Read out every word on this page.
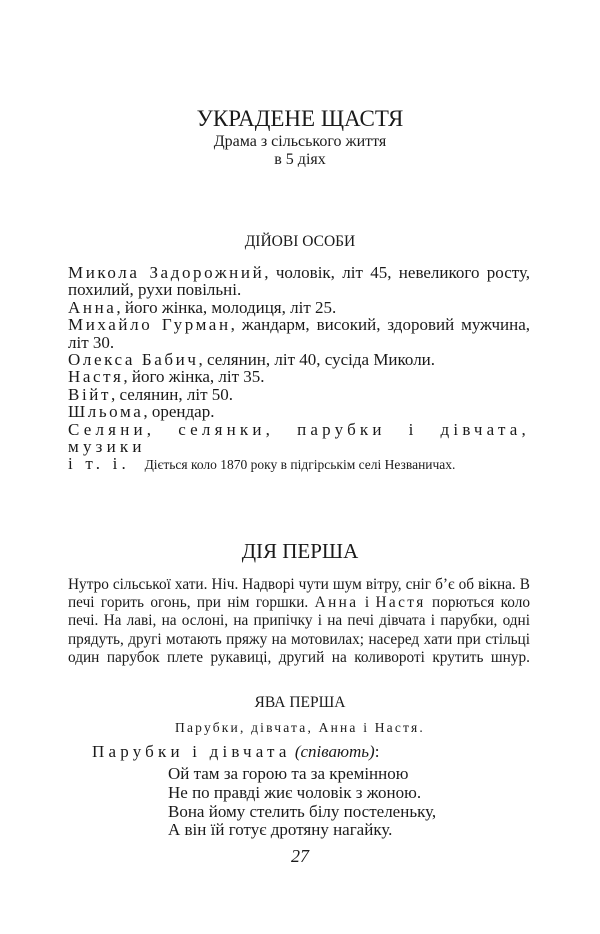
УКРАДЕНЕ ЩАСТЯ
Драма з сільського життя
в 5 діях
ДІЙОВІ ОСОБИ
Микола Задорожний, чоловік, літ 45, невеликого росту,
похилий, рухи повільні.
Анна, його жінка, молодиця, літ 25.
Михайло Гурман, жандарм, високий, здоровий мужчина,
літ 30.
Олекса Бабич, селянин, літ 40, сусіда Миколи.
Настя, його жінка, літ 35.
Війт, селянин, літ 50.
Шльома, орендар.
Селяни, селянки, парубки і дівчата, музики
і т. і.	Діється коло 1870 року в підгірськім селі Незваничах.
ДІЯ ПЕРША
Нутро сільської хати. Ніч. Надворі чути шум вітру, сніг б’є об вікна. В
печі горить огонь, при нім горшки. Анна і Настя порються коло
печі. На лаві, на ослоні, на припічку і на печі дівчата і парубки, одні
прядуть, другі мотають пряжу на мотовилах; насеред хати при стільці
один парубок плете рукавиці, другий на коливороті крутить шнур.
ЯВА ПЕРША
Парубки, дівчата, Анна і Настя.
Парубки і дівчата (співають):
Ой там за горою та за кремінною
Не по правді жиє чоловік з жоною.
Вона йому стелить білу постеленьку,
А він їй готує дротяну нагайку.
27
